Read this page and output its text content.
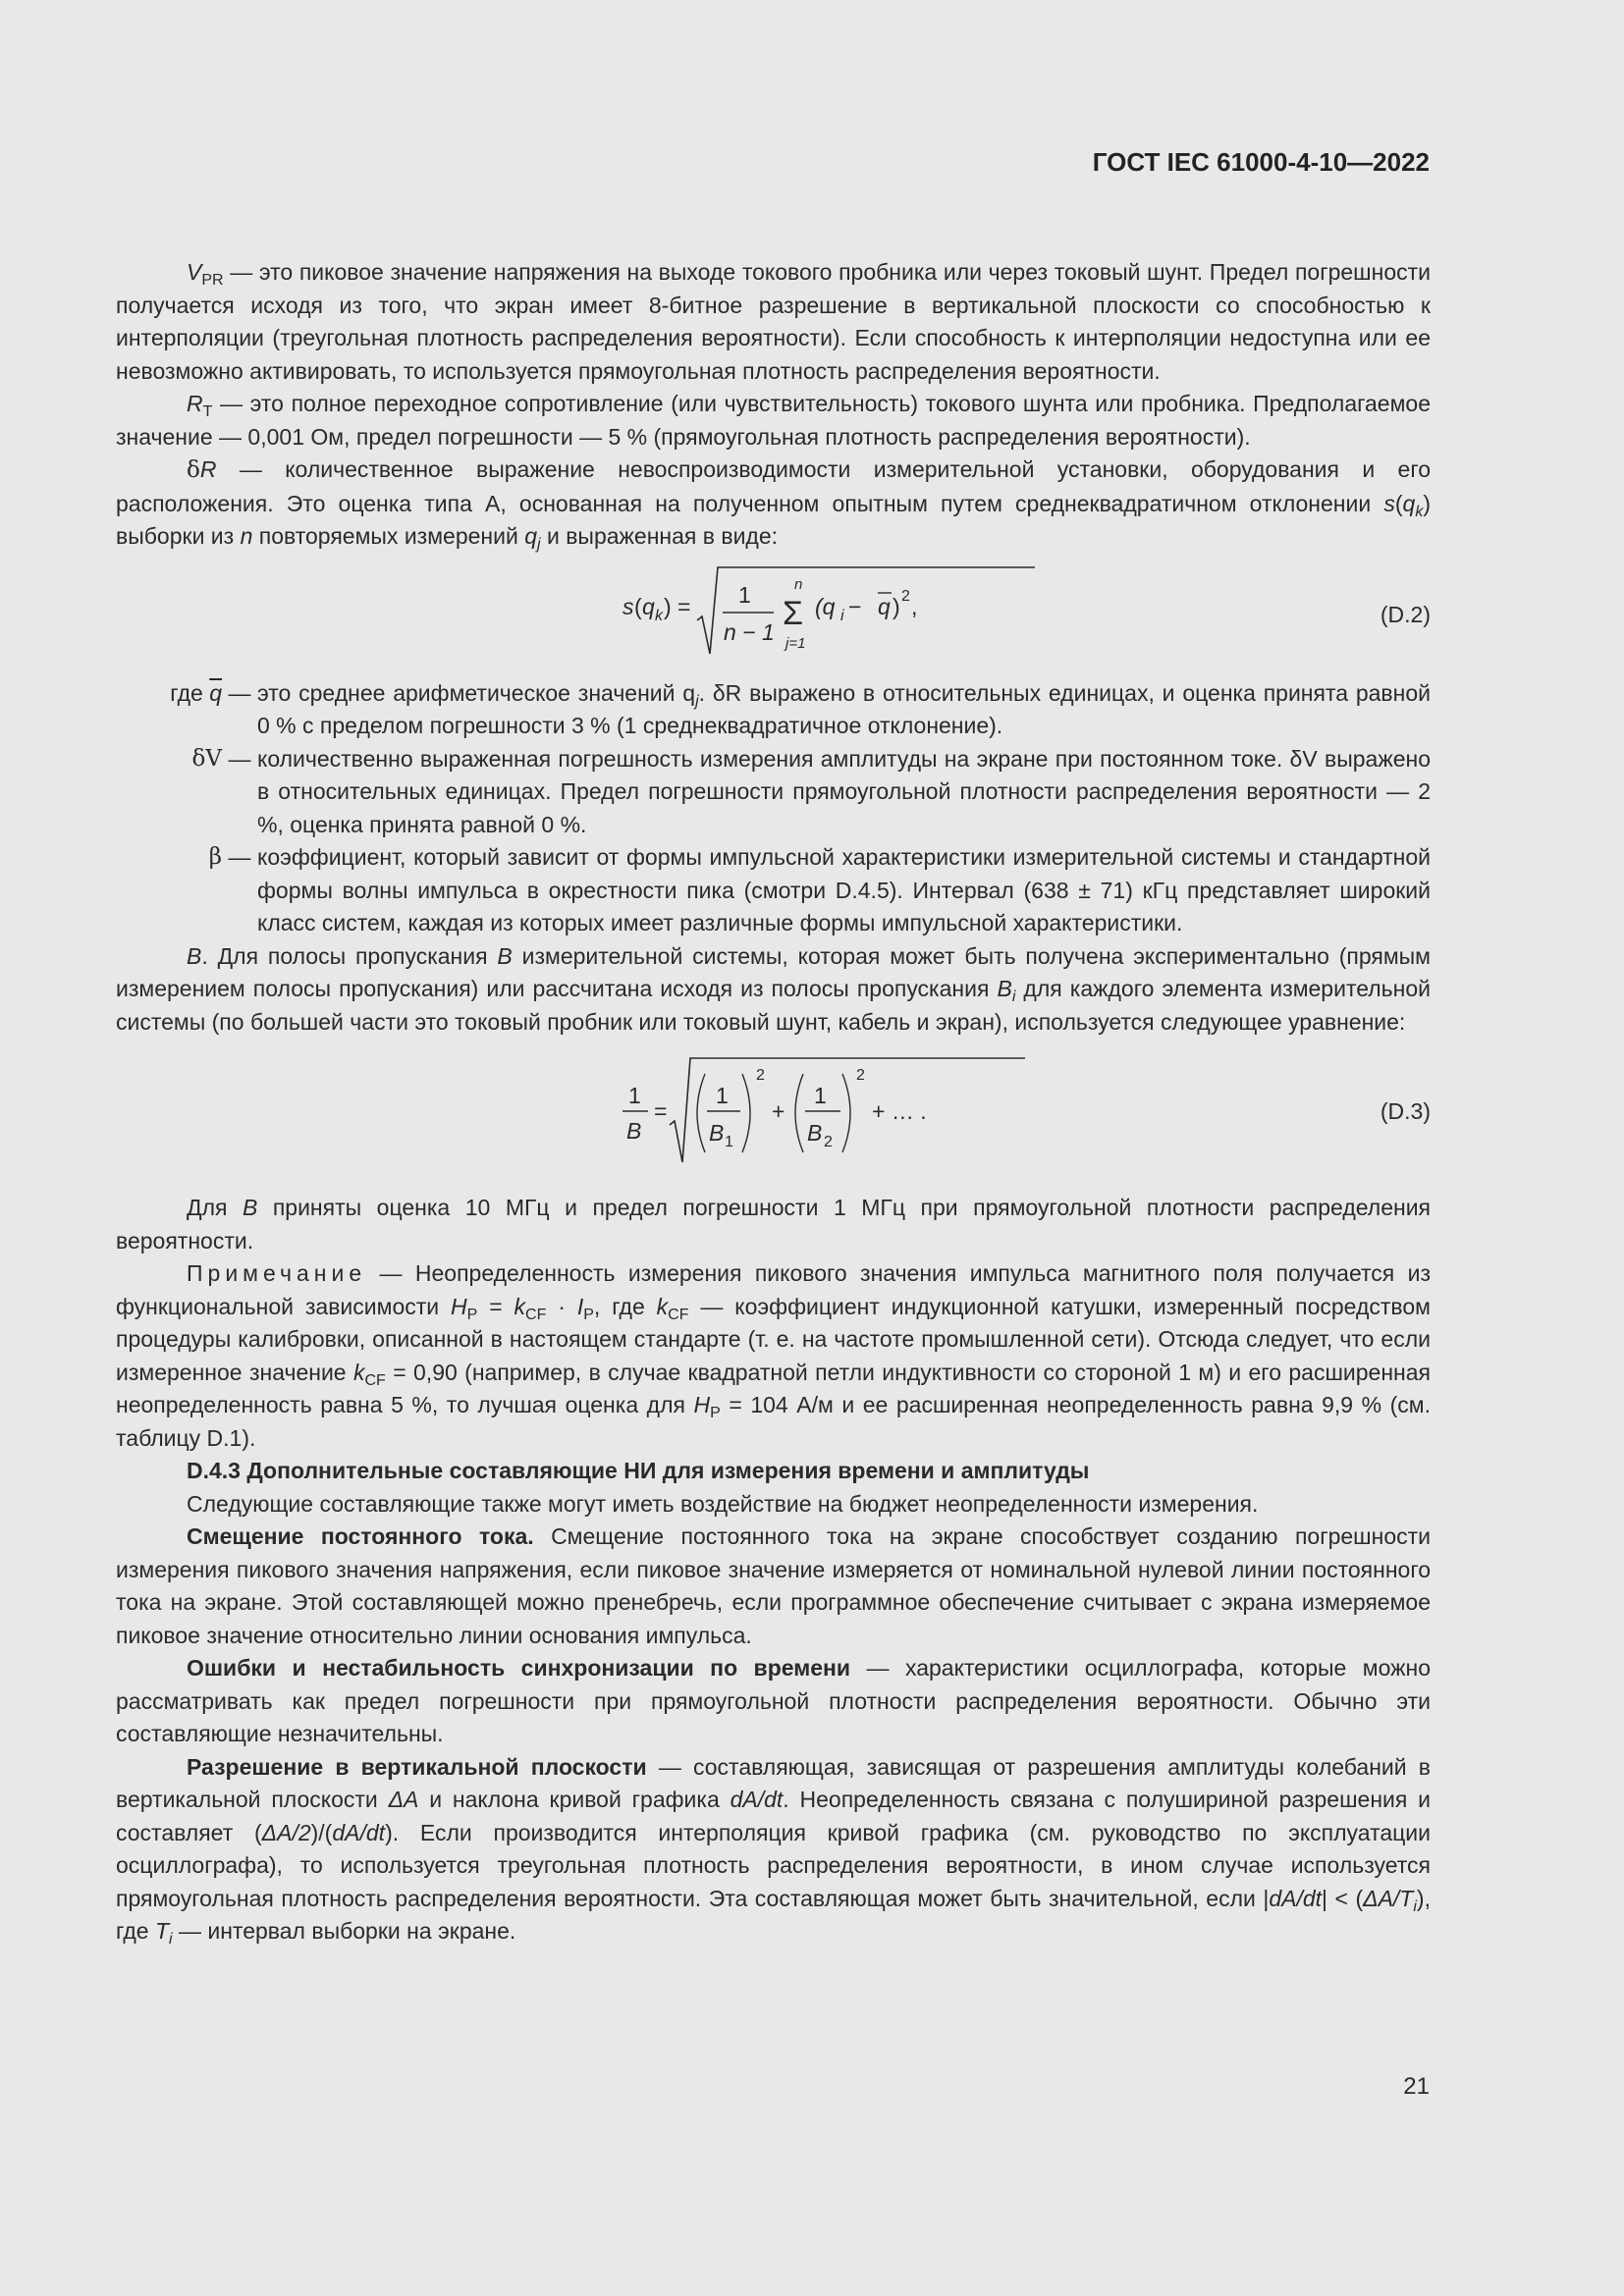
ГОСТ IEC 61000-4-10—2022

$V_{PR}$ — это пиковое значение напряжения на выходе токового пробника или через токовый шунт. Предел погрешности получается исходя из того, что экран имеет 8-битное разрешение в вертикальной плоскости со способностью к интерполяции (треугольная плотность распределения вероятности). Если способность к интерполяции недоступна или ее невозможно активировать, то используется прямоугольная плотность распределения вероятности.

$R_T$ — это полное переходное сопротивление (или чувствительность) токового шунта или пробника. Предполагаемое значение — 0,001 Ом, предел погрешности — 5 % (прямоугольная плотность распределения вероятности).

δR — количественное выражение невоспроизводимости измерительной установки, оборудования и его расположения. Это оценка типа А, основанная на полученном опытным путем среднеквадратичном отклонении $s(q_k)$ выборки из n повторяемых измерений $q_j$ и выраженная в виде:

s ( q k ) = 1
n − 1
n
Σ
j=1
(q i − q ) 2 ,	(D.2)
где $\overline{q}$ — это среднее арифметическое значений $q_j$. δR выражено в относительных единицах, и оценка принята равной 0 % с пределом погрешности 3 % (1 среднеквадратичное отклонение).
δV — количественно выраженная погрешность измерения амплитуды на экране при постоянном токе. δV выражено в относительных единицах. Предел погрешности прямоугольной плотности распределения вероятности — 2 %, оценка принята равной 0 %.
β — коэффициент, который зависит от формы импульсной характеристики измерительной системы и стандартной формы волны импульса в окрестности пика (смотри D.4.5). Интервал (638 ± 71) кГц представляет широкий класс систем, каждая из которых имеет различные формы импульсной характеристики.

B. Для полосы пропускания B измерительной системы, которая может быть получена экспериментально (прямым измерением полосы пропускания) или рассчитана исходя из полосы пропускания $B_i$ для каждого элемента измерительной системы (по большей части это токовый пробник или токовый шунт, кабель и экран), используется следующее уравнение:

1
B
=
1
B 1
2
+
1
B 2
2
+ … .	(D.3)

Для B приняты оценка 10 МГц и предел погрешности 1 МГц при прямоугольной плотности распределения вероятности.

Примечание — Неопределенность измерения пикового значения импульса магнитного поля получается из функциональной зависимости $H_P = k_{CF} \cdot I_P$, где $k_{CF}$ — коэффициент индукционной катушки, измеренный посредством процедуры калибровки, описанной в настоящем стандарте (т. е. на частоте промышленной сети). Отсюда следует, что если измеренное значение $k_{CF} = 0,90$ (например, в случае квадратной петли индуктивности со стороной 1 м) и его расширенная неопределенность равна 5 %, то лучшая оценка для $H_P = 104$ А/м и ее расширенная неопределенность равна 9,9 % (см. таблицу D.1).

D.4.3 Дополнительные составляющие НИ для измерения времени и амплитуды

Следующие составляющие также могут иметь воздействие на бюджет неопределенности измерения.

Смещение постоянного тока. Смещение постоянного тока на экране способствует созданию погрешности измерения пикового значения напряжения, если пиковое значение измеряется от номинальной нулевой линии постоянного тока на экране. Этой составляющей можно пренебречь, если программное обеспечение считывает с экрана измеряемое пиковое значение относительно линии основания импульса.

Ошибки и нестабильность синхронизации по времени — характеристики осциллографа, которые можно рассматривать как предел погрешности при прямоугольной плотности распределения вероятности. Обычно эти составляющие незначительны.

Разрешение в вертикальной плоскости — составляющая, зависящая от разрешения амплитуды колебаний в вертикальной плоскости ΔA и наклона кривой графика dA/dt. Неопределенность связана с полушириной разрешения и составляет (ΔA/2)/(dA/dt). Если производится интерполяция кривой графика (см. руководство по эксплуатации осциллографа), то используется треугольная плотность распределения вероятности, в ином случае используется прямоугольная плотность распределения вероятности. Эта составляющая может быть значительной, если $|dA/dt| < (\Delta A/T_i)$, где $T_i$ — интервал выборки на экране.

21
